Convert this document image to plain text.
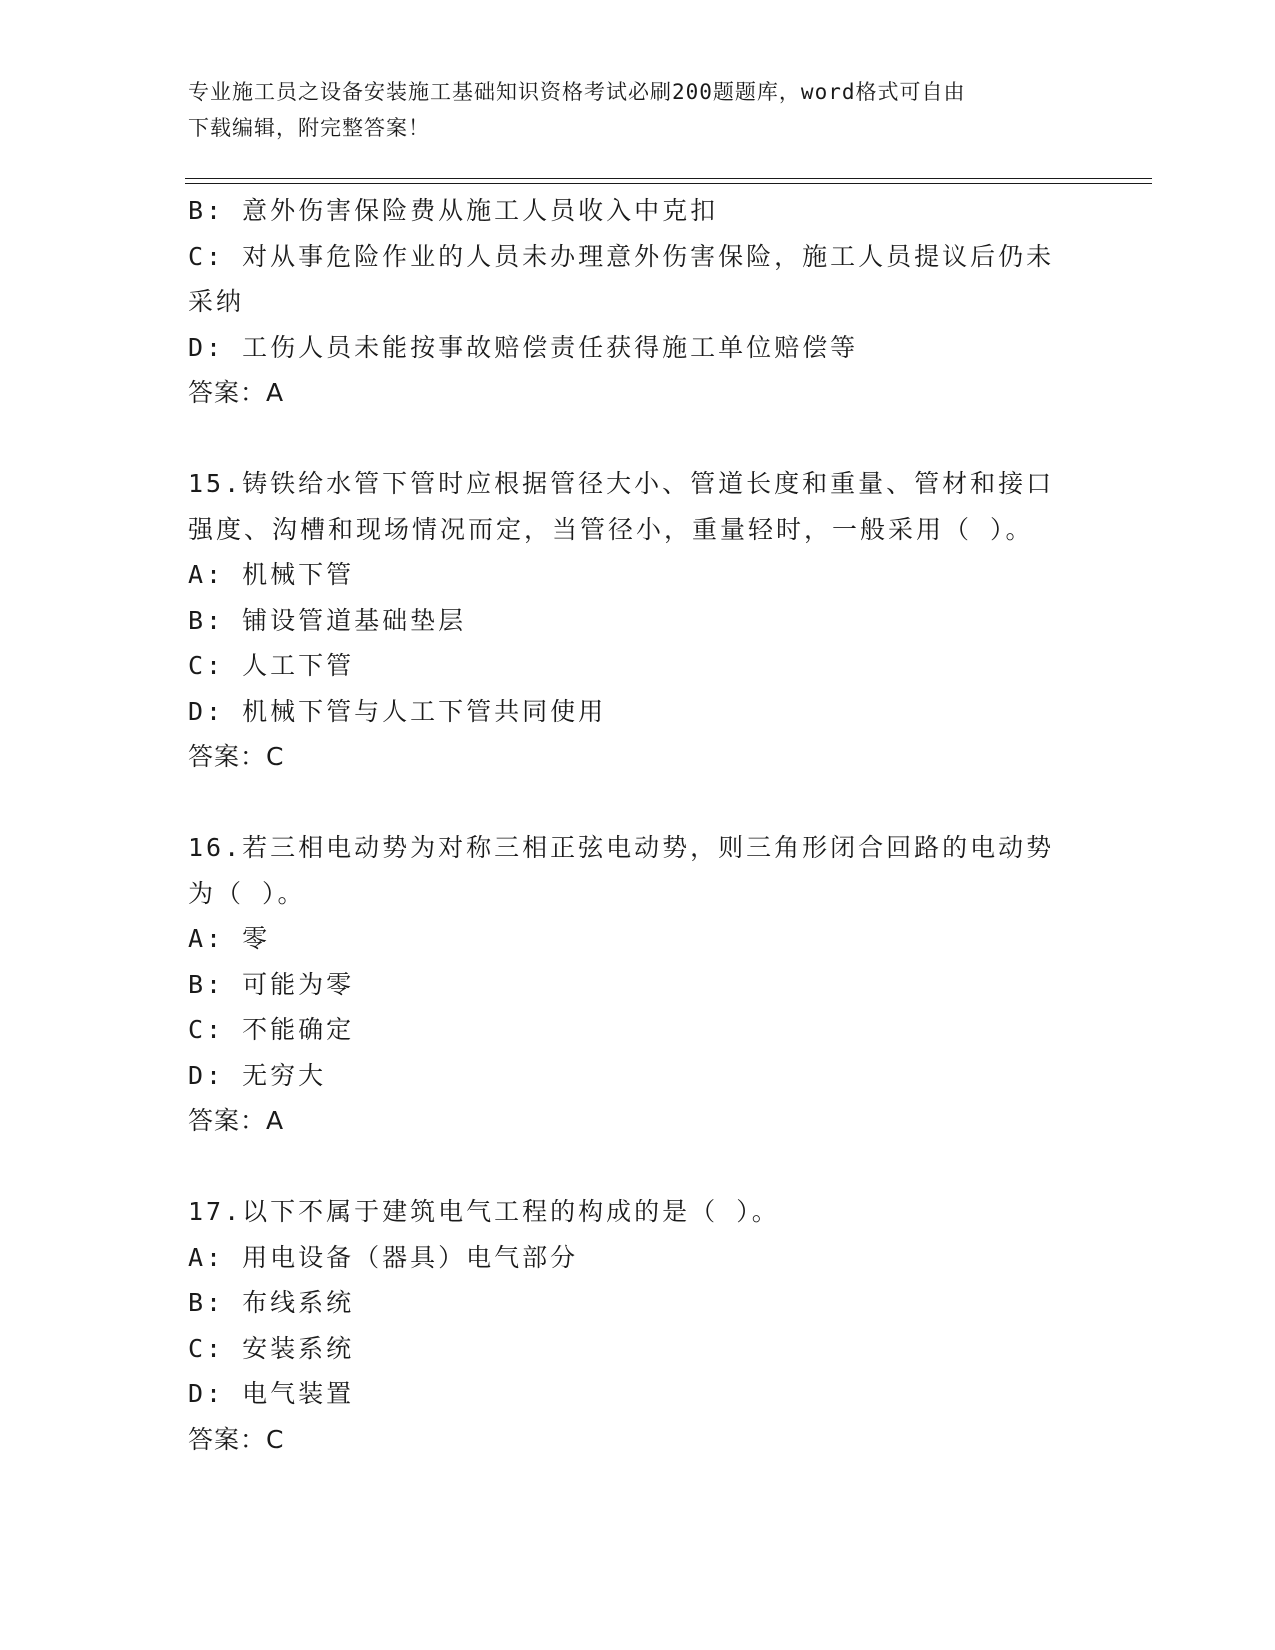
专业施工员之设备安装施工基础知识资格考试必刷200题题库，word格式可自由
下载编辑，附完整答案！
B: 意外伤害保险费从施工人员收入中克扣
C: 对从事危险作业的人员未办理意外伤害保险，施工人员提议后仍未
采纳
D: 工伤人员未能按事故赔偿责任获得施工单位赔偿等
答案：A
15.铸铁给水管下管时应根据管径大小、管道长度和重量、管材和接口
强度、沟槽和现场情况而定，当管径小，重量轻时，一般采用（ ）。
A: 机械下管
B: 铺设管道基础垫层
C: 人工下管
D: 机械下管与人工下管共同使用
答案：C
16.若三相电动势为对称三相正弦电动势，则三角形闭合回路的电动势
为（ ）。
A: 零
B: 可能为零
C: 不能确定
D: 无穷大
答案：A
17.以下不属于建筑电气工程的构成的是（ ）。
A: 用电设备（器具）电气部分
B: 布线系统
C: 安装系统
D: 电气装置
答案：C
